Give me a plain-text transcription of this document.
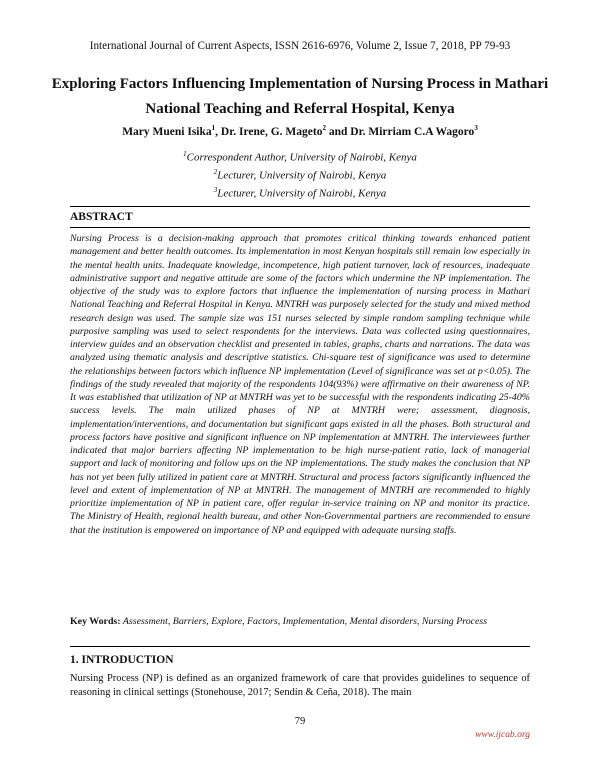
International Journal of Current Aspects, ISSN 2616-6976, Volume 2, Issue 7, 2018, PP 79-93
Exploring Factors Influencing Implementation of Nursing Process in Mathari
National Teaching and Referral Hospital, Kenya
Mary Mueni Isika$^1$, Dr. Irene, G. Mageto$^2$ and Dr. Mirriam C.A Wagoro$^3$
$^1$Correspondent Author, University of Nairobi, Kenya
$^2$Lecturer, University of Nairobi, Kenya
$^3$Lecturer, University of Nairobi, Kenya
ABSTRACT
Nursing Process is a decision-making approach that promotes critical thinking towards enhanced patient management and better health outcomes. Its implementation in most Kenyan hospitals still remain low especially in the mental health units. Inadequate knowledge, incompetence, high patient turnover, lack of resources, inadequate administrative support and negative attitude are some of the factors which undermine the NP implementation. The objective of the study was to explore factors that influence the implementation of nursing process in Mathari National Teaching and Referral Hospital in Kenya. MNTRH was purposely selected for the study and mixed method research design was used. The sample size was 151 nurses selected by simple random sampling technique while purposive sampling was used to select respondents for the interviews. Data was collected using questionnaires, interview guides and an observation checklist and presented in tables, graphs, charts and narrations. The data was analyzed using thematic analysis and descriptive statistics. Chi-square test of significance was used to determine the relationships between factors which influence NP implementation (Level of significance was set at p<0.05). The findings of the study revealed that majority of the respondents 104(93%) were affirmative on their awareness of NP. It was established that utilization of NP at MNTRH was yet to be successful with the respondents indicating 25-40% success levels. The main utilized phases of NP at MNTRH were; assessment, diagnosis, implementation/interventions, and documentation but significant gaps existed in all the phases. Both structural and process factors have positive and significant influence on NP implementation at MNTRH. The interviewees further indicated that major barriers affecting NP implementation to be high nurse-patient ratio, lack of managerial support and lack of monitoring and follow ups on the NP implementations. The study makes the conclusion that NP has not yet been fully utilized in patient care at MNTRH. Structural and process factors significantly influenced the level and extent of implementation of NP at MNTRH. The management of MNTRH are recommended to highly prioritize implementation of NP in patient care, offer regular in-service training on NP and monitor its practice. The Ministry of Health, regional health bureau, and other Non-Governmental partners are recommended to ensure that the institution is empowered on importance of NP and equipped with adequate nursing staffs.
Key Words: Assessment, Barriers, Explore, Factors, Implementation, Mental disorders, Nursing Process
1. INTRODUCTION
Nursing Process (NP) is defined as an organized framework of care that provides guidelines to sequence of reasoning in clinical settings (Stonehouse, 2017; Sendín & Ceña, 2018). The main
79
www.ijcab.org
